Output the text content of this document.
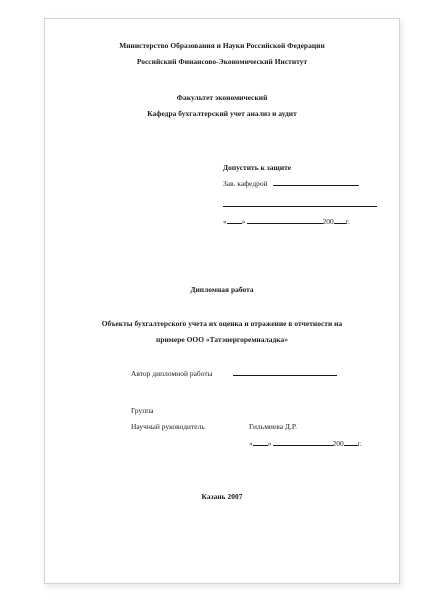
Министерство Образования и Науки Российской Федерации
Российский Финансово-Экономический Институт
Факультет экономический
Кафедра бухгалтерский учет анализ и аудит
Допустить к защите
Зав. кафедрой
« »	200 г.
Дипломная работа
Объекты бухгалтерского учета их оценка и отражение в отчетности на
примере ООО «Татэнергоремналадка»
Автор дипломной работы
Группа
Научный руководитель	Гильмиева Д.Р.
« »	200 г.
Казань 2007
